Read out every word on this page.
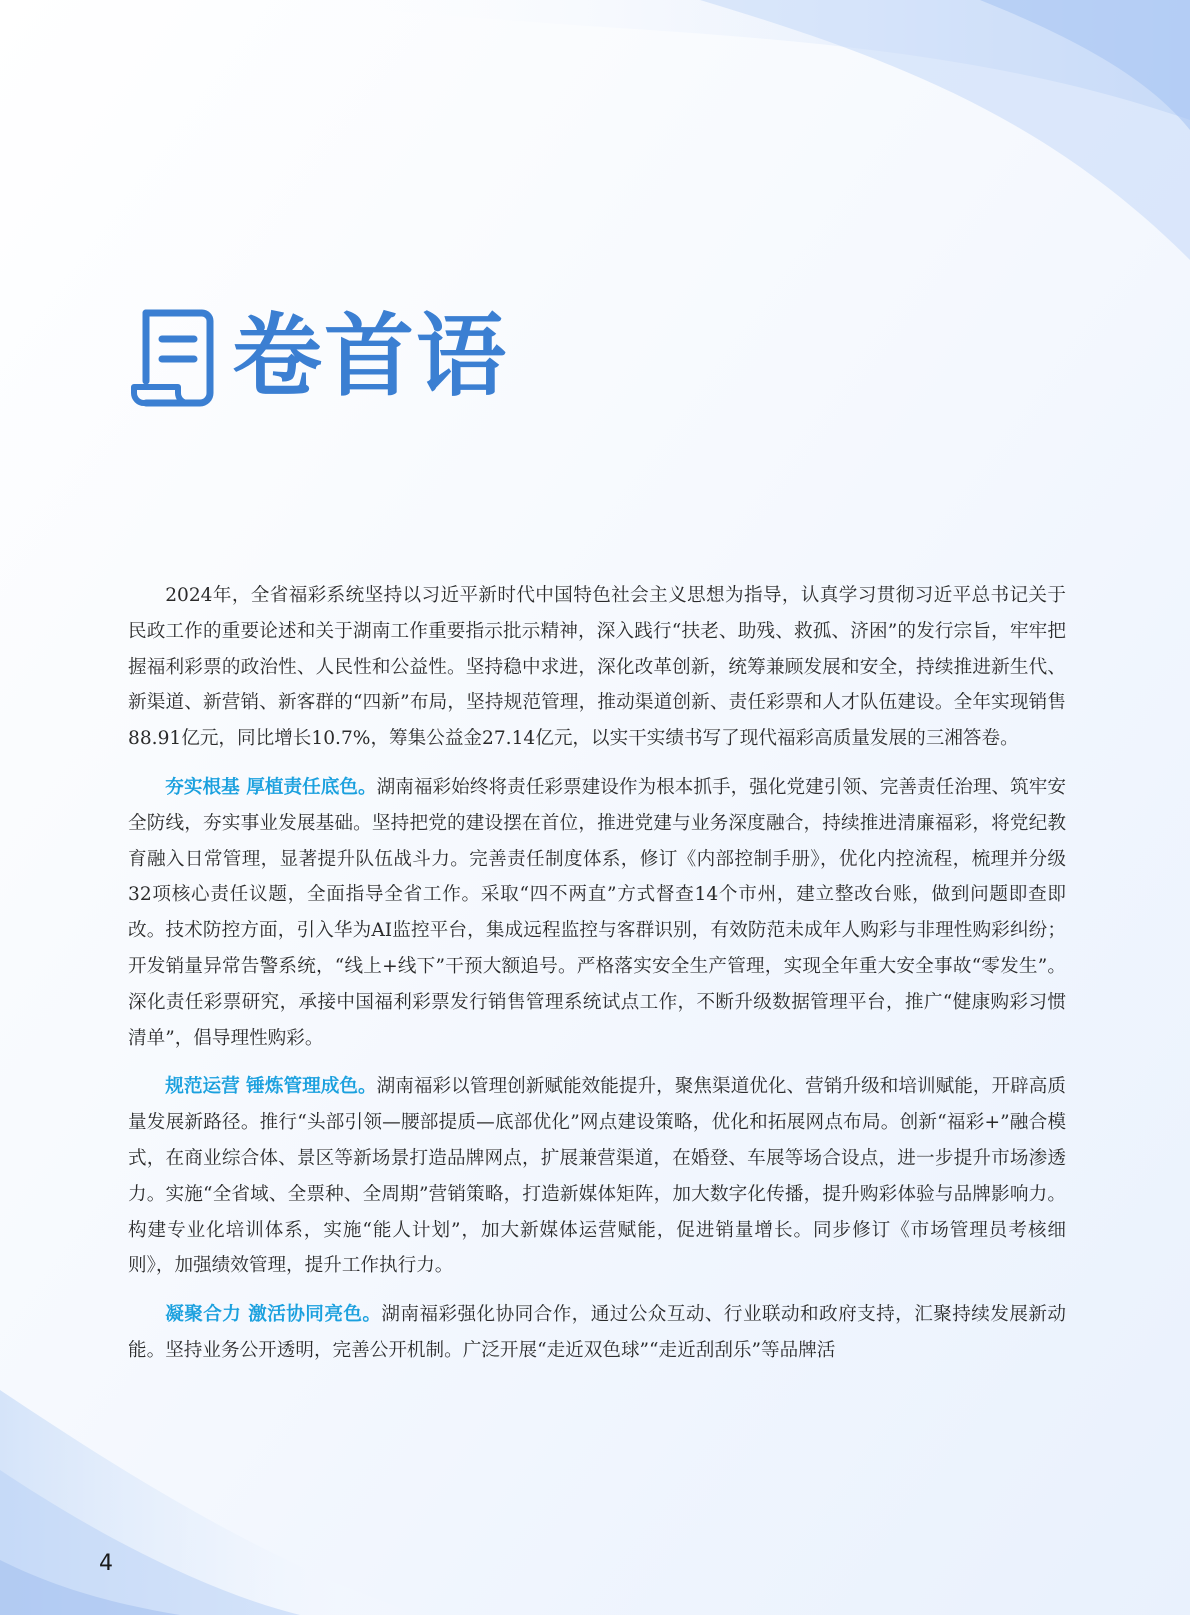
卷首语

2024年，全省福彩系统坚持以习近平新时代中国特色社会主义思想为指导，认真学习贯彻习近平总书记关于民政工作的重要论述和关于湖南工作重要指示批示精神，深入践行“扶老、助残、救孤、济困”的发行宗旨，牢牢把握福利彩票的政治性、人民性和公益性。坚持稳中求进，深化改革创新，统筹兼顾发展和安全，持续推进新生代、新渠道、新营销、新客群的“四新”布局，坚持规范管理，推动渠道创新、责任彩票和人才队伍建设。全年实现销售88.91亿元，同比增长10.7%，筹集公益金27.14亿元，以实干实绩书写了现代福彩高质量发展的三湘答卷。

夯实根基 厚植责任底色。湖南福彩始终将责任彩票建设作为根本抓手，强化党建引领、完善责任治理、筑牢安全防线，夯实事业发展基础。坚持把党的建设摆在首位，推进党建与业务深度融合，持续推进清廉福彩，将党纪教育融入日常管理，显著提升队伍战斗力。完善责任制度体系，修订《内部控制手册》，优化内控流程，梳理并分级32项核心责任议题，全面指导全省工作。采取“四不两直”方式督查14个市州，建立整改台账，做到问题即查即改。技术防控方面，引入华为AI监控平台，集成远程监控与客群识别，有效防范未成年人购彩与非理性购彩纠纷；开发销量异常告警系统，“线上+线下”干预大额追号。严格落实安全生产管理，实现全年重大安全事故“零发生”。深化责任彩票研究，承接中国福利彩票发行销售管理系统试点工作，不断升级数据管理平台，推广“健康购彩习惯清单”，倡导理性购彩。

规范运营 锤炼管理成色。湖南福彩以管理创新赋能效能提升，聚焦渠道优化、营销升级和培训赋能，开辟高质量发展新路径。推行“头部引领—腰部提质—底部优化”网点建设策略，优化和拓展网点布局。创新“福彩+”融合模式，在商业综合体、景区等新场景打造品牌网点，扩展兼营渠道，在婚登、车展等场合设点，进一步提升市场渗透力。实施“全省域、全票种、全周期”营销策略，打造新媒体矩阵，加大数字化传播，提升购彩体验与品牌影响力。构建专业化培训体系，实施“能人计划”，加大新媒体运营赋能，促进销量增长。同步修订《市场管理员考核细则》，加强绩效管理，提升工作执行力。

凝聚合力 激活协同亮色。湖南福彩强化协同合作，通过公众互动、行业联动和政府支持，汇聚持续发展新动能。坚持业务公开透明，完善公开机制。广泛开展“走近双色球”“走近刮刮乐”等品牌活

4
